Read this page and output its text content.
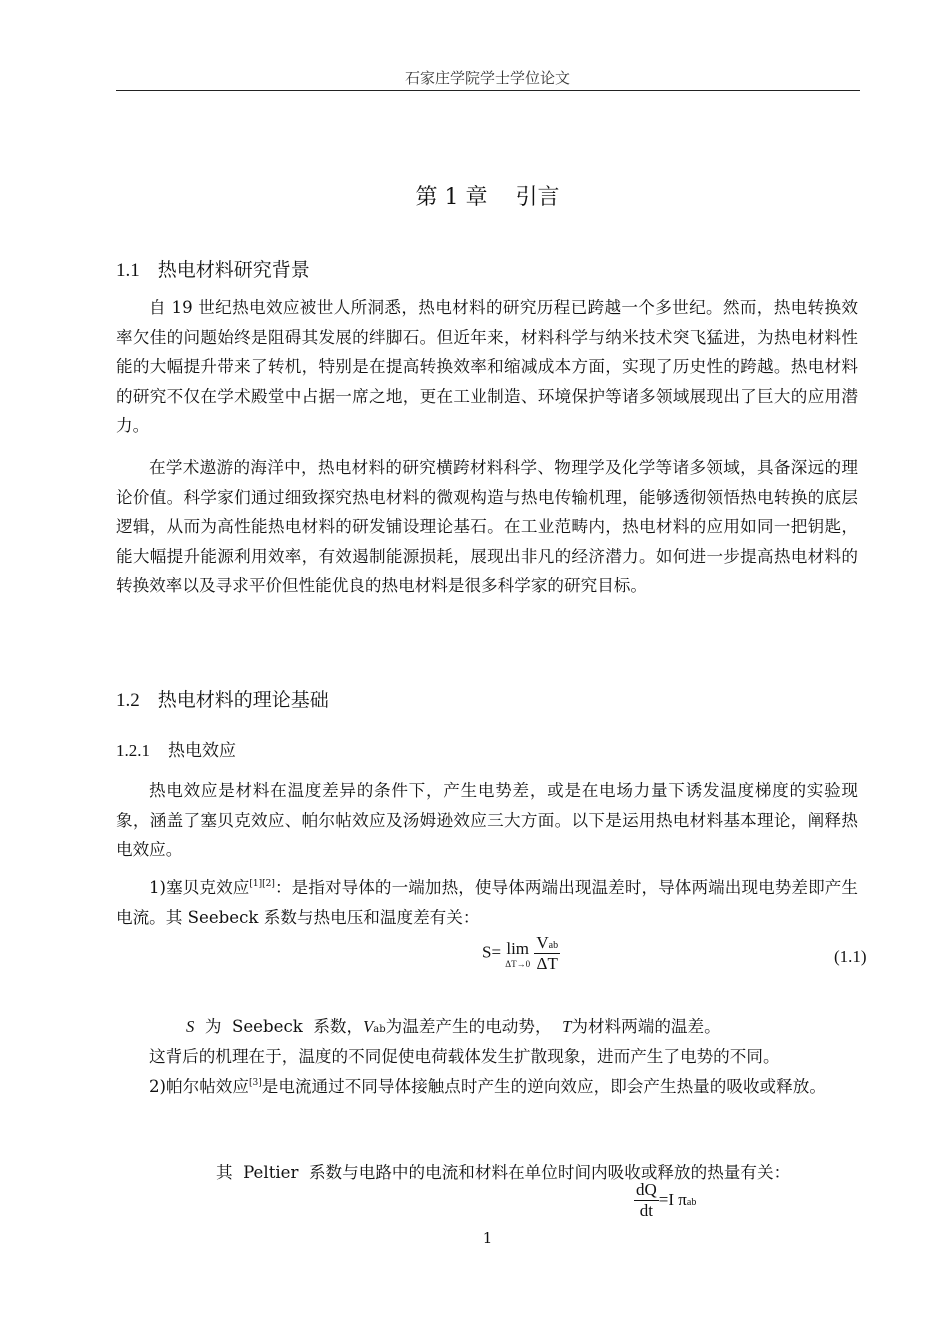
石家庄学院学士学位论文
第 1 章    引言
1.1 热电材料研究背景
自 19 世纪热电效应被世人所洞悉，热电材料的研究历程已跨越一个多世纪。然而，热电转换效率欠佳的问题始终是阻碍其发展的绊脚石。但近年来，材料科学与纳米技术突飞猛进，为热电材料性能的大幅提升带来了转机，特别是在提高转换效率和缩减成本方面，实现了历史性的跨越。热电材料的研究不仅在学术殿堂中占据一席之地，更在工业制造、环境保护等诸多领域展现出了巨大的应用潜力。
在学术遨游的海洋中，热电材料的研究横跨材料科学、物理学及化学等诸多领域，具备深远的理论价值。科学家们通过细致探究热电材料的微观构造与热电传输机理，能够透彻领悟热电转换的底层逻辑，从而为高性能热电材料的研发铺设理论基石。在工业范畴内，热电材料的应用如同一把钥匙，能大幅提升能源利用效率，有效遏制能源损耗，展现出非凡的经济潜力。如何进一步提高热电材料的转换效率以及寻求平价但性能优良的热电材料是很多科学家的研究目标。
1.2 热电材料的理论基础
1.2.1 热电效应
热电效应是材料在温度差异的条件下，产生电势差，或是在电场力量下诱发温度梯度的实验现象，涵盖了塞贝克效应、帕尔帖效应及汤姆逊效应三大方面。以下是运用热电材料基本理论，阐释热电效应。
1)塞贝克效应[1][2]：是指对导体的一端加热，使导体两端出现温差时，导体两端出现电势差即产生电流。其 Seebeck 系数与热电压和温度差有关：
S= lim
ΔT→0
$\frac{\text{Vab}}{\Delta T}$	(1.1)
S  为  Seebeck  系数，Vab为温差产生的电动势，  T为材料两端的温差。
这背后的机理在于，温度的不同促使电荷载体发生扩散现象，进而产生了电势的不同。
2)帕尔帖效应[3]是电流通过不同导体接触点时产生的逆向效应，即会产生热量的吸收或释放。
其  Peltier  系数与电路中的电流和材料在单位时间内吸收或释放的热量有关：
$\frac{dQ}{dt} =I$ πab
1
